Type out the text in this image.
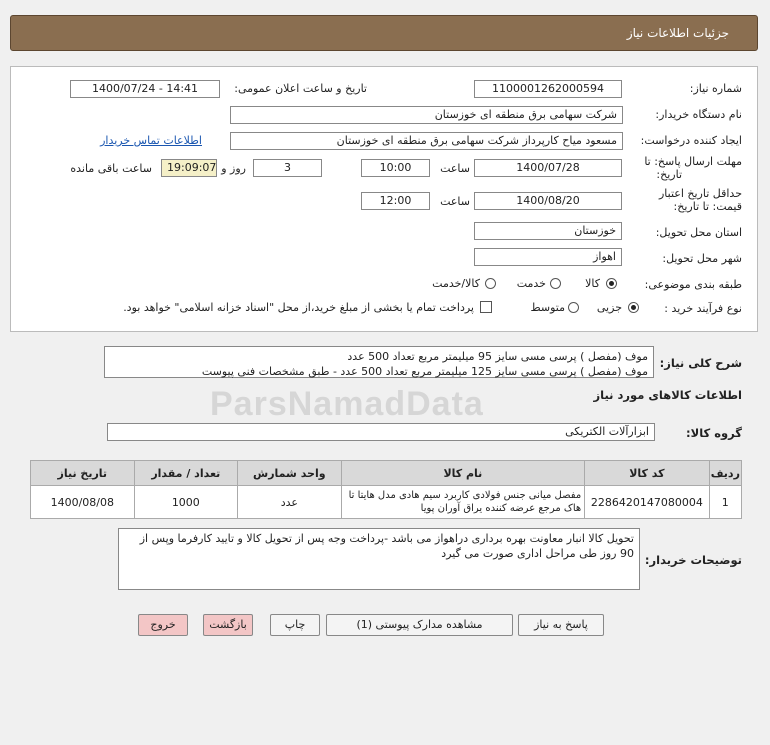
جزئیات اطلاعات نیاز
شماره نیاز:
1100001262000594
تاریخ و ساعت اعلان عمومی:
1400/07/24 - 14:41
نام دستگاه خریدار:
شرکت سهامی برق منطقه ای خوزستان
ایجاد کننده درخواست:
مسعود میاح کارپرداز شرکت سهامی برق منطقه ای خوزستان
اطلاعات تماس خریدار
مهلت ارسال پاسخ: تا
تاریخ:
1400/07/28
ساعت
10:00
3
روز و
19:09:07
ساعت باقی مانده
حداقل تاریخ اعتبار
قیمت: تا تاریخ:
1400/08/20
ساعت
12:00
استان محل تحویل:
خوزستان
شهر محل تحویل:
اهواز
طبقه بندی موضوعی:
کالا
خدمت
کالا/خدمت
نوع فرآیند خرید :
جزیی
متوسط
پرداخت تمام یا بخشی از مبلغ خرید،از محل "اسناد خزانه اسلامی" خواهد بود.
شرح کلی نیاز:
موف (مفصل ) پرسی مسی سایز 95 میلیمتر مربع تعداد 500 عدد
موف (مفصل ) پرسی مسی سایز 125 میلیمتر مربع تعداد 500 عدد - طبق مشخصات فنی پیوست
ParsNamadData	اطلاعات کالاهای مورد نیاز
گروه کالا:
ابزارآلات الکتریکی
ردیف	کد کالا	نام کالا	واحد شمارش	تعداد / مقدار	تاریخ نیاز
1	2286420147080004	مفصل میانی جنس فولادی کاربرد سیم هادی مدل هایتا تا هاک مرجع عرضه کننده یراق آوران پویا	عدد	1000	1400/08/08
توضیحات خریدار:
تحویل کالا انبار معاونت بهره برداری دراهواز می باشد -پرداخت وجه پس از تحویل کالا و تایید کارفرما وپس از 90 روز طی مراحل اداری صورت می گیرد
پاسخ به نیاز
مشاهده مدارک پیوستی (1)
چاپ
بازگشت
خروج
